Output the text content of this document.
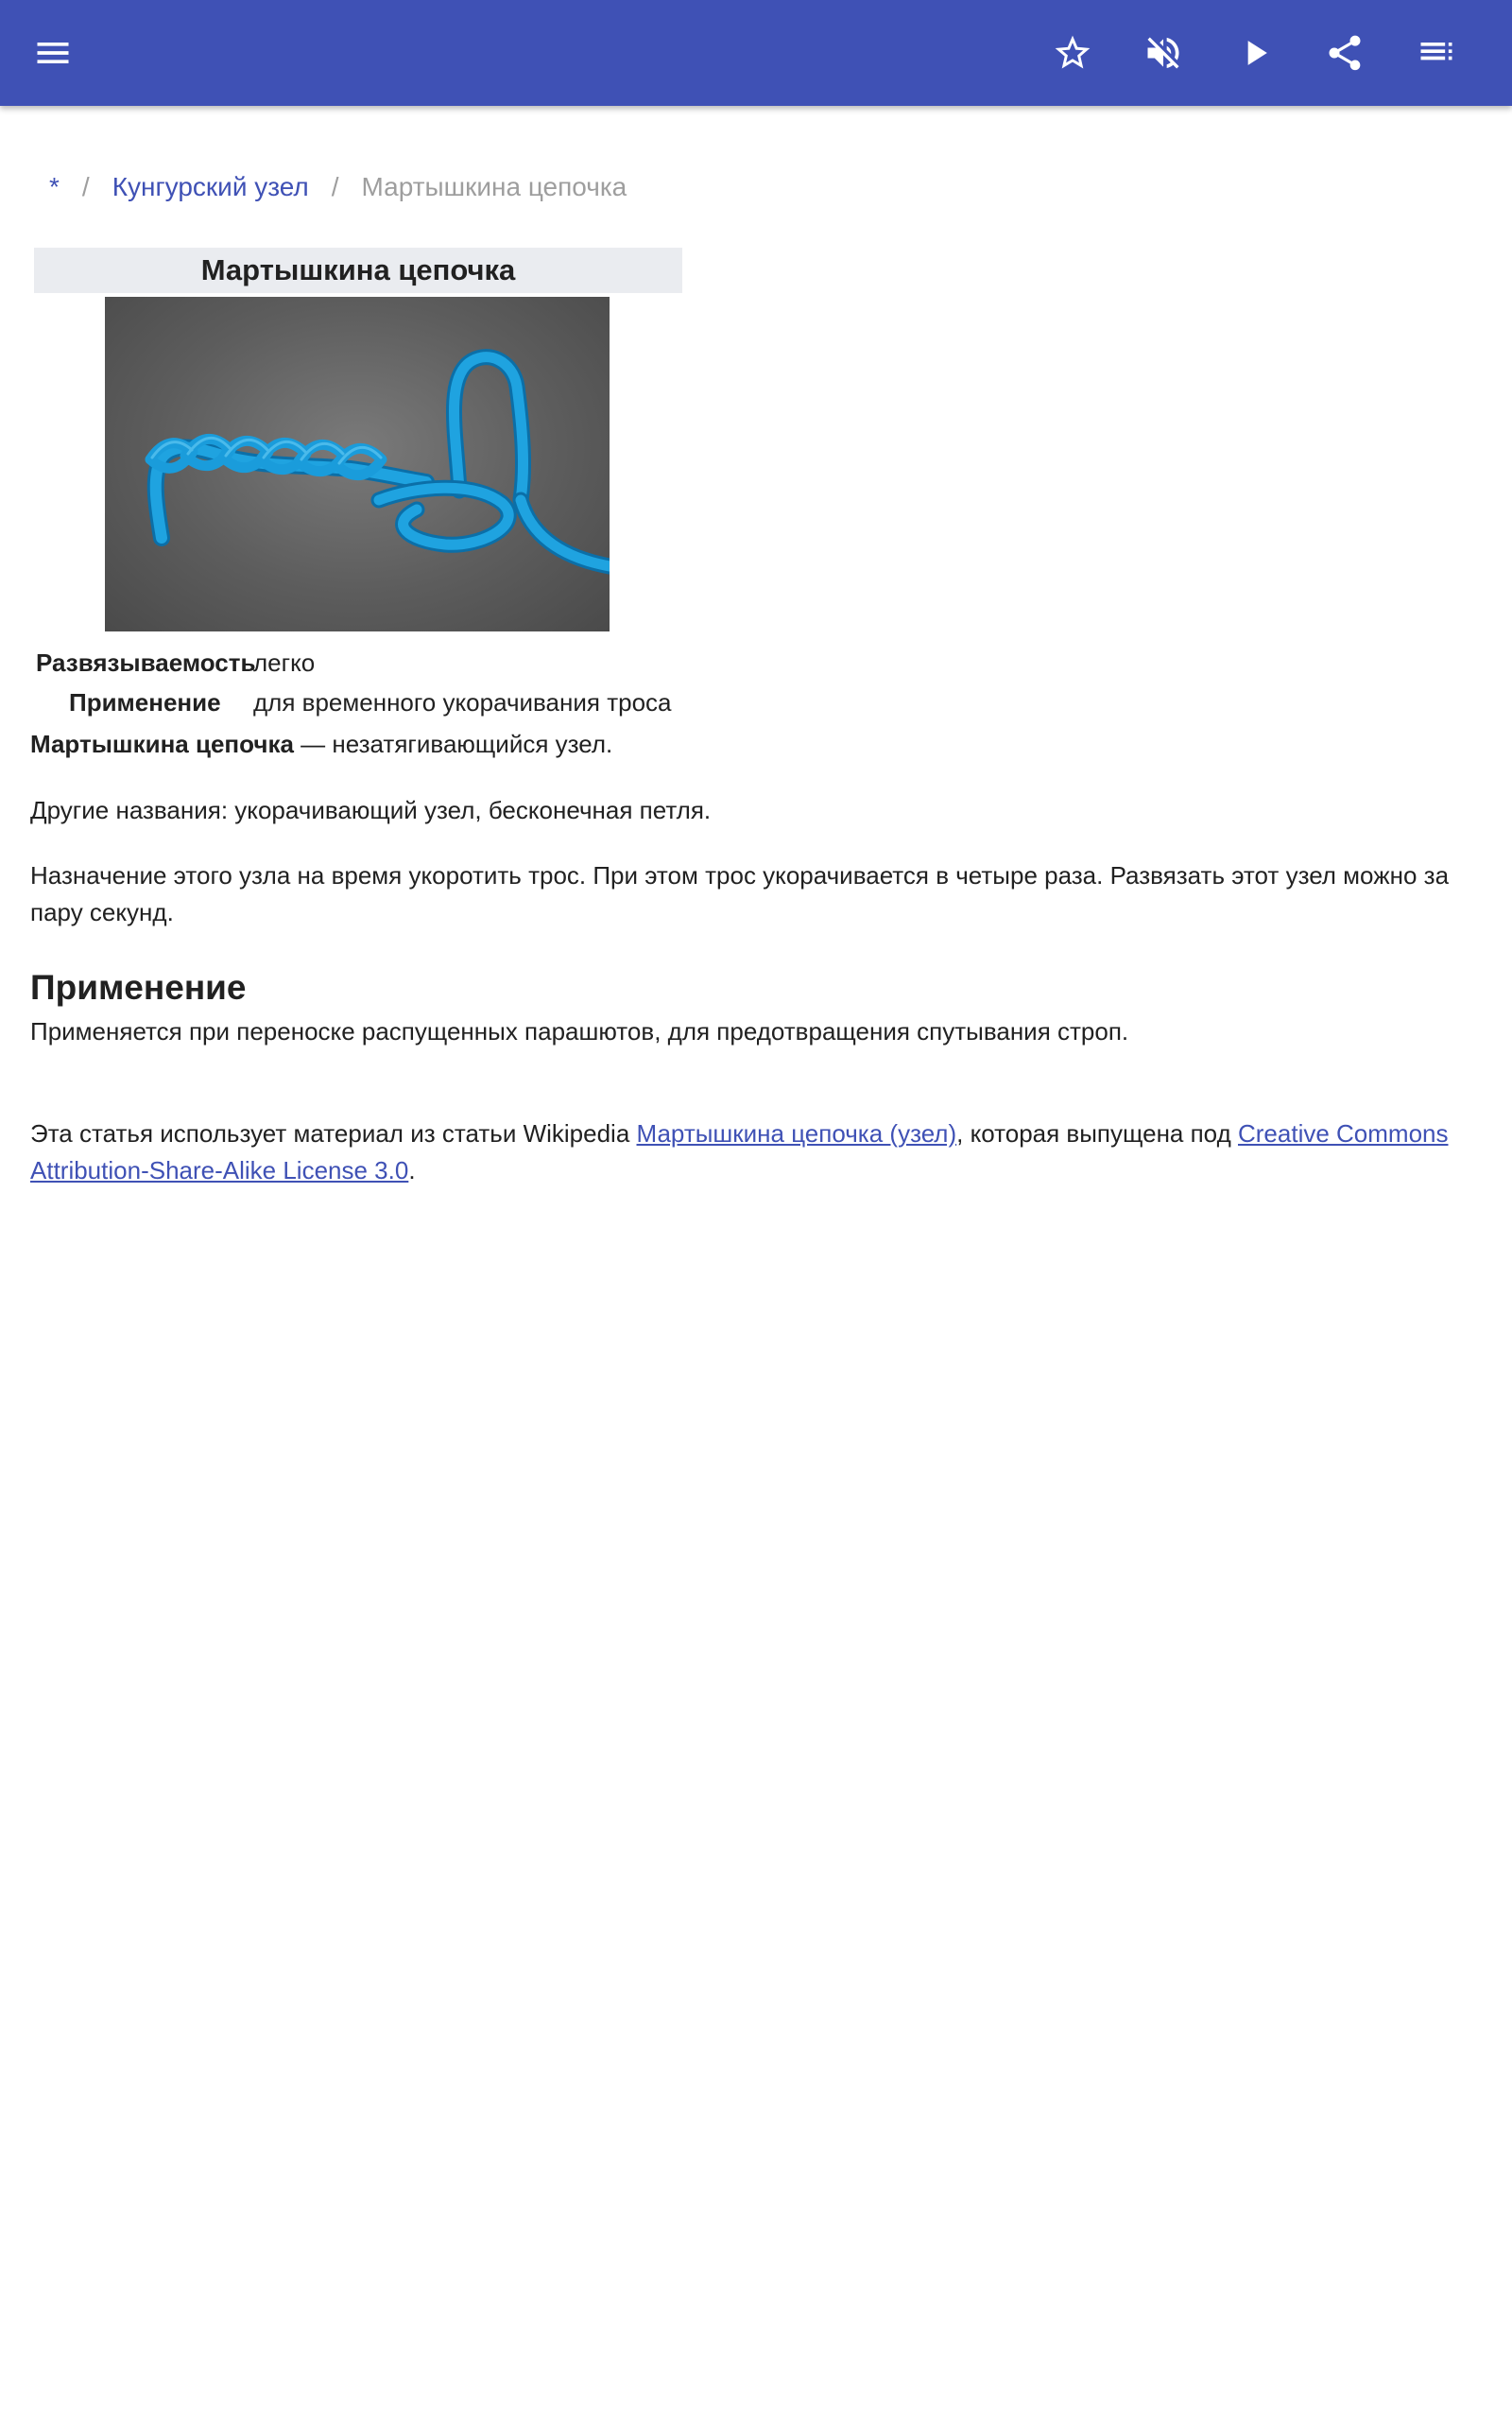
* / Кунгурский узел / Мартышкина цепочка
Мартышкина цепочка
Развязываемость
легко
Применение для временного укорачивания троса

Мартышкина цепочка — незатягивающийся узел.

Другие названия: укорачивающий узел, бесконечная петля.

Назначение этого узла на время укоротить трос. При этом трос укорачивается в четыре раза. Развязать этот узел можно за пару секунд.

Применение

Применяется при переноске распущенных парашютов, для предотвращения спутывания строп.

Эта статья использует материал из статьи Wikipedia Мартышкина цепочка (узел), которая выпущена под Creative Commons Attribution-Share-Alike License 3.0.
